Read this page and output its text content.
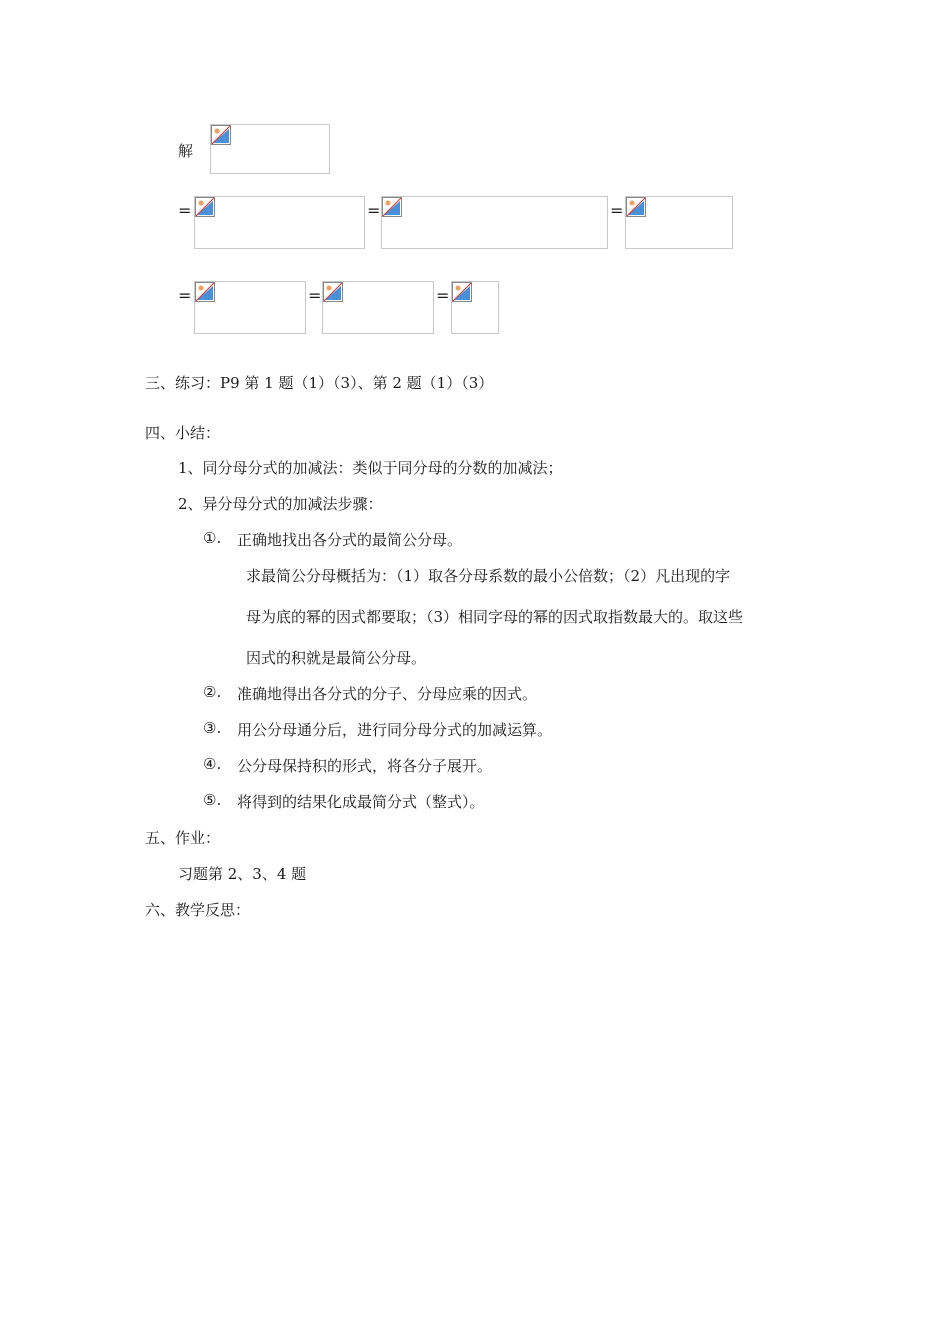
解
=	=	=
=	=	=
三、练习：P9 第 1 题（1）（3）、第 2 题（1）（3）
四、小结：
1、同分母分式的加减法：类似于同分母的分数的加减法；
2、异分母分式的加减法步骤：
①. 正确地找出各分式的最简公分母。
求最简公分母概括为：（1）取各分母系数的最小公倍数；（2）凡出现的字
母为底的幂的因式都要取；（3）相同字母的幂的因式取指数最大的。取这些
因式的积就是最简公分母。
②. 准确地得出各分式的分子、分母应乘的因式。
③. 用公分母通分后，进行同分母分式的加减运算。
④. 公分母保持积的形式，将各分子展开。
⑤. 将得到的结果化成最简分式（整式）。
五、作业：
习题第 2、3、4 题
六、教学反思：
